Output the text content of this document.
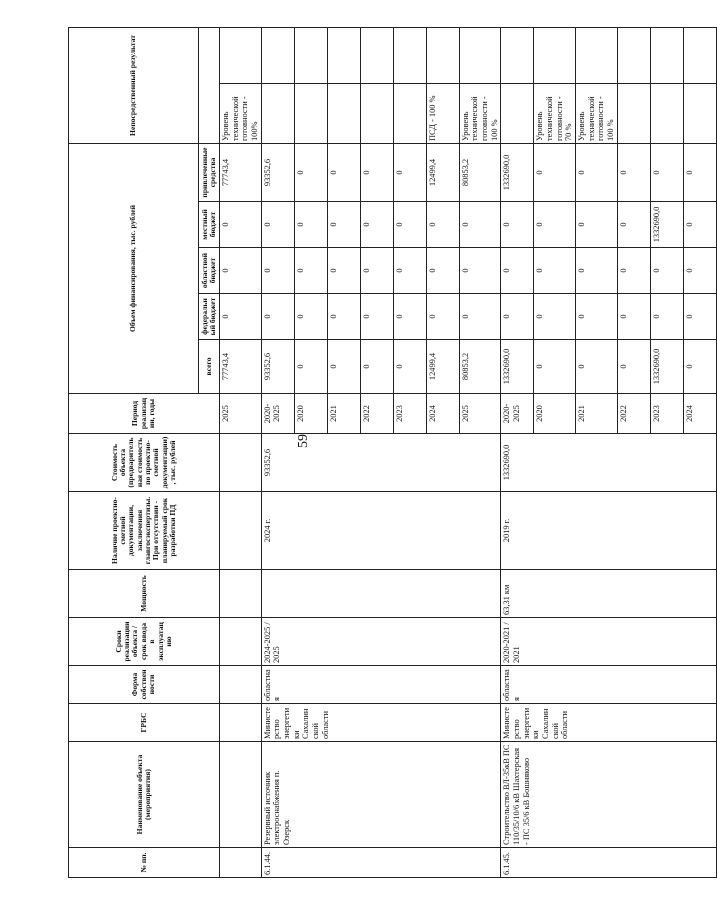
59
№ пп.	Наименование объекта (мероприятия)	ГРБС	Форма собственности	Сроки реализации объекта / срок ввода в эксплуатацию	Мощность	Наличие проектно-сметной документации, заключения главгосэкспертизы. При отсутствии - планируемый срок разработки ПД	Стоимость объекта (предварительная стоимость по проектно-сметной документации), тыс. рублей	Период реализации, годы	Объем финансирования, тыс. рублей					Непосредственный результат	
									всего	федеральный бюджет	областной бюджет	местный бюджет	привлеченные средства		
								2025	77743,4	0	0	0	77743,4	Уровень технической готовности - 100%	
6.1.44.	Резервный источник электроснабжения п. Озерск	Министерство энергетики Сахалинской области	областная	2024-2025 / 2025		2024 г.	93352,6	2020-2025	93352,6	0	0	0	93352,6		
								2020	0	0	0	0	0		
								2021	0	0	0	0	0		
								2022	0	0	0	0	0		
								2023	0	0	0	0	0		
								2024	12499,4	0	0	0	12499,4	ПСД - 100 %	
								2025	80853,2	0	0	0	80853,2	Уровень технической готовности - 100 %	
6.1.45.	Строительство ВЛ-35кВ ПС 110/35/10/6 кВ Шахтерская - ПС 35/6 кВ Бошняково	Министерство энергетики Сахалинской области	областная	2020-2021 / 2021	63,31 км	2019 г.	1332690,0	2020-2025	1332690,0	0	0	0	1332690,0		
								2020	0	0	0	0	0	Уровень технической готовности - 70 %	
								2021	0	0	0	0	0	Уровень технической готовности - 100 %	
								2022	0	0	0	0	0		
								2023	1332690,0	0	0	1332690,0	0		
								2024	0	0	0	0	0		
